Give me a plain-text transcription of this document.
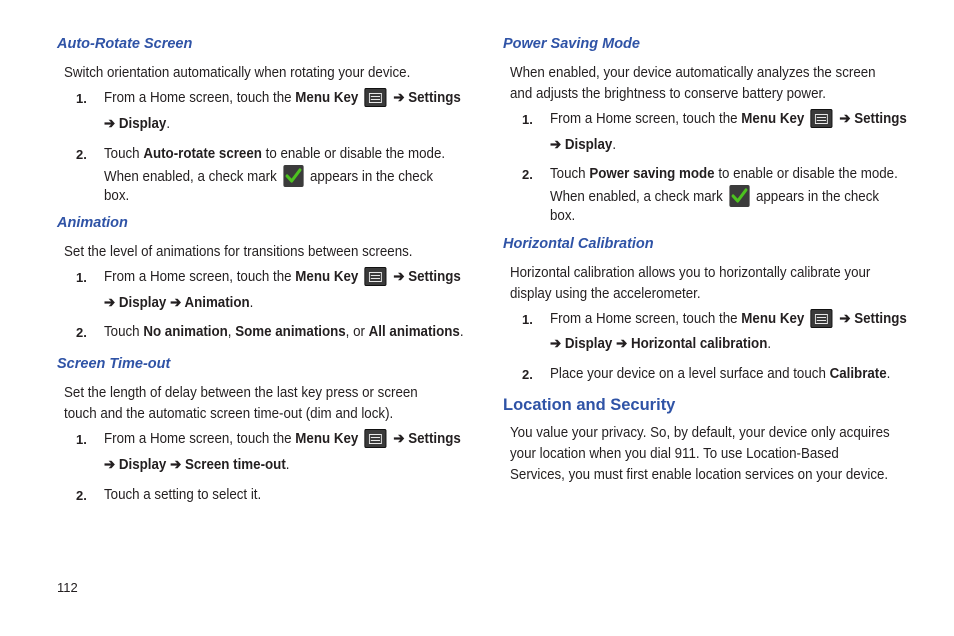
Auto-Rotate Screen

Switch orientation automatically when rotating your device.

1. From a Home screen, touch the Menu Key  ➔ Settings
➔ Display.
2. Touch Auto-rotate screen to enable or disable the mode.
When enabled, a check mark
appears in the check
box.
Animation

Set the level of animations for transitions between screens.

1. From a Home screen, touch the Menu Key  ➔ Settings
➔ Display ➔ Animation.
2. Touch No animation, Some animations, or All animations.
Screen Time-out

Set the length of delay between the last key press or screen

touch and the automatic screen time-out (dim and lock).

1. From a Home screen, touch the Menu Key  ➔ Settings
➔ Display ➔ Screen time-out.
2. Touch a setting to select it.
Power Saving Mode

When enabled, your device automatically analyzes the screen

and adjusts the brightness to conserve battery power.

1. From a Home screen, touch the Menu Key  ➔ Settings
➔ Display.
2. Touch Power saving mode to enable or disable the mode.
When enabled, a check mark
appears in the check
box.
Horizontal Calibration

Horizontal calibration allows you to horizontally calibrate your

display using the accelerometer.

1. From a Home screen, touch the Menu Key  ➔ Settings
➔ Display ➔ Horizontal calibration.
2. Place your device on a level surface and touch Calibrate.
Location and Security

You value your privacy. So, by default, your device only acquires

your location when you dial 911. To use Location-Based

Services, you must first enable location services on your device.

112
